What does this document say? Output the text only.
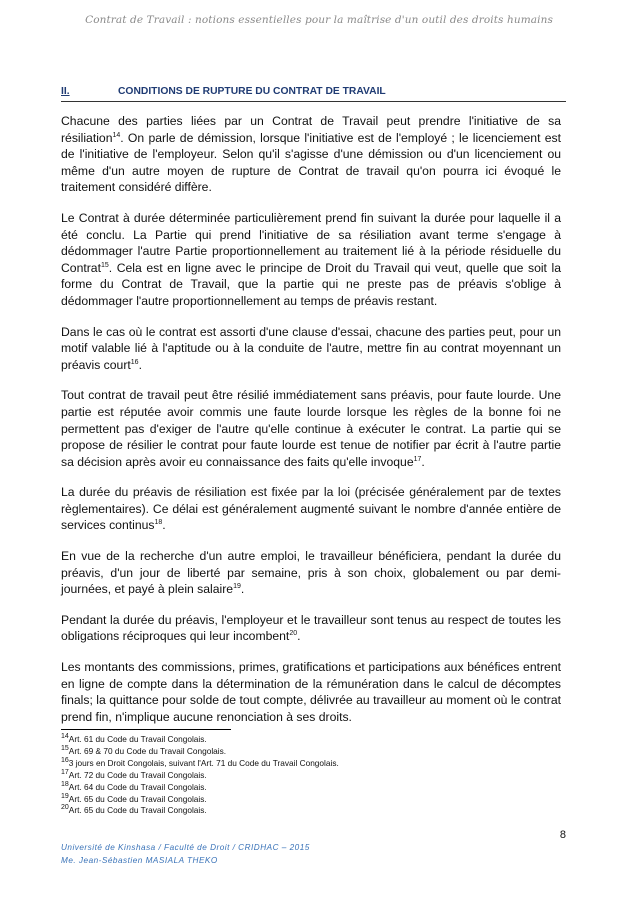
Contrat de Travail : notions essentielles pour la maîtrise d'un outil des droits humains
II.	CONDITIONS DE RUPTURE DU CONTRAT DE TRAVAIL

Chacune des parties liées par un Contrat de Travail peut prendre l'initiative de sa résiliation$^{14}$. On parle de démission, lorsque l'initiative est de l'employé ; le licenciement est de l'initiative de l'employeur. Selon qu'il s'agisse d'une démission ou d'un licenciement ou même d'un autre moyen de rupture de Contrat de travail qu'on pourra ici évoqué le traitement considéré diffère.

Le Contrat à durée déterminée particulièrement prend fin suivant la durée pour laquelle il a été conclu. La Partie qui prend l'initiative de sa résiliation avant terme s'engage à dédommager l'autre Partie proportionnellement au traitement lié à la période résiduelle du Contrat$^{15}$. Cela est en ligne avec le principe de Droit du Travail qui veut, quelle que soit la forme du Contrat de Travail, que la partie qui ne preste pas de préavis s'oblige à dédommager l'autre proportionnellement au temps de préavis restant.

Dans le cas où le contrat est assorti d'une clause d'essai, chacune des parties peut, pour un motif valable lié à l'aptitude ou à la conduite de l'autre, mettre fin au contrat moyennant un préavis court$^{16}$.

Tout contrat de travail peut être résilié immédiatement sans préavis, pour faute lourde. Une partie est réputée avoir commis une faute lourde lorsque les règles de la bonne foi ne permettent pas d'exiger de l'autre qu'elle continue à exécuter le contrat. La partie qui se propose de résilier le contrat pour faute lourde est tenue de notifier par écrit à l'autre partie sa décision après avoir eu connaissance des faits qu'elle invoque$^{17}$.

La durée du préavis de résiliation est fixée par la loi (précisée généralement par de textes règlementaires). Ce délai est généralement augmenté suivant le nombre d'année entière de services continus$^{18}$.

En vue de la recherche d'un autre emploi, le travailleur bénéficiera, pendant la durée du préavis, d'un jour de liberté par semaine, pris à son choix, globalement ou par demi-journées, et payé à plein salaire$^{19}$.

Pendant la durée du préavis, l'employeur et le travailleur sont tenus au respect de toutes les obligations réciproques qui leur incombent$^{20}$.

Les montants des commissions, primes, gratifications et participations aux bénéfices entrent en ligne de compte dans la détermination de la rémunération dans le calcul de décomptes finals; la quittance pour solde de tout compte, délivrée au travailleur au moment où le contrat prend fin, n'implique aucune renonciation à ses droits.

$^{14}$Art. 61 du Code du Travail Congolais.
$^{15}$Art. 69 & 70 du Code du Travail Congolais.
$^{16}$3 jours en Droit Congolais, suivant l'Art. 71 du Code du Travail Congolais.
$^{17}$Art. 72 du Code du Travail Congolais.
$^{18}$Art. 64 du Code du Travail Congolais.
$^{19}$Art. 65 du Code du Travail Congolais.
$^{20}$Art. 65 du Code du Travail Congolais.
8
Université de Kinshasa / Faculté de Droit / CRIDHAC – 2015
Me. Jean-Sébastien MASIALA THEKO
